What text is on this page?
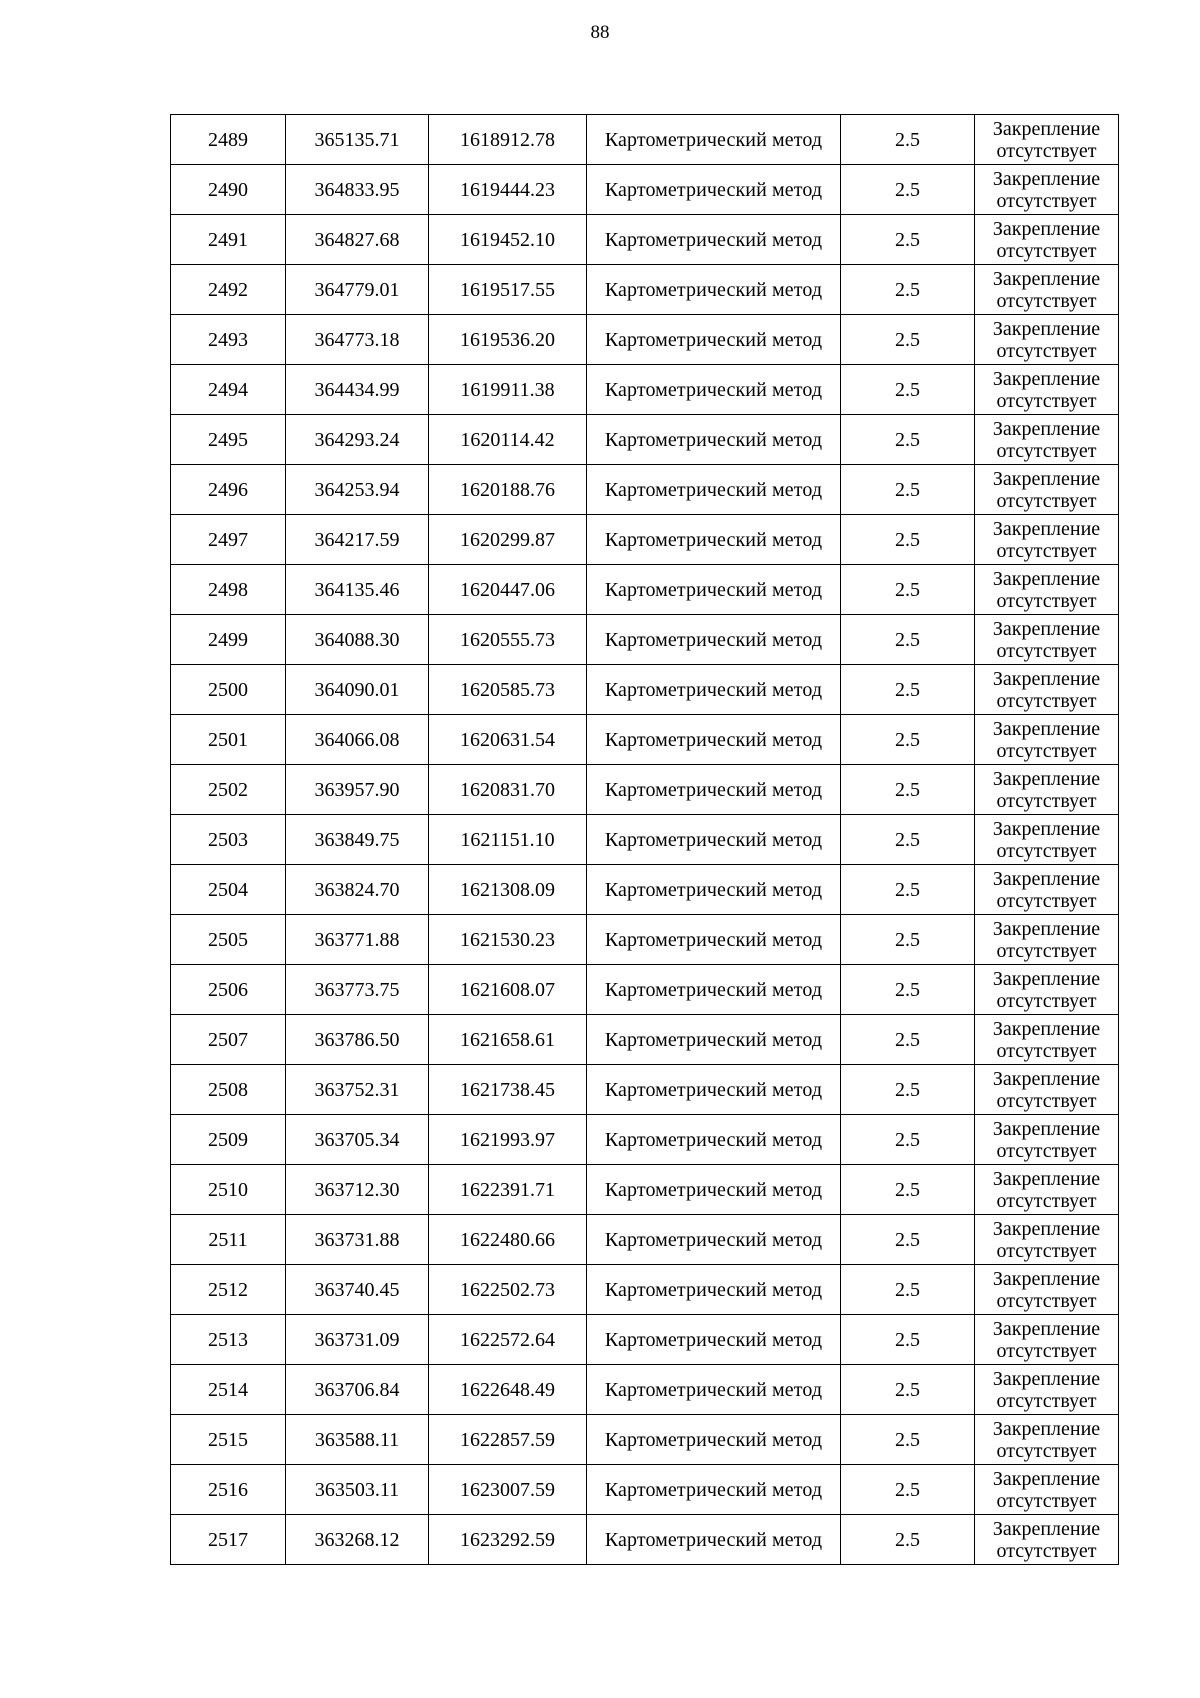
88
2489	365135.71	1618912.78	Картометрический метод	2.5	Закрепление
отсутствует

2490	364833.95	1619444.23	Картометрический метод	2.5	Закрепление
отсутствует

2491	364827.68	1619452.10	Картометрический метод	2.5	Закрепление
отсутствует

2492	364779.01	1619517.55	Картометрический метод	2.5	Закрепление
отсутствует

2493	364773.18	1619536.20	Картометрический метод	2.5	Закрепление
отсутствует

2494	364434.99	1619911.38	Картометрический метод	2.5	Закрепление
отсутствует

2495	364293.24	1620114.42	Картометрический метод	2.5	Закрепление
отсутствует

2496	364253.94	1620188.76	Картометрический метод	2.5	Закрепление
отсутствует

2497	364217.59	1620299.87	Картометрический метод	2.5	Закрепление
отсутствует

2498	364135.46	1620447.06	Картометрический метод	2.5	Закрепление
отсутствует

2499	364088.30	1620555.73	Картометрический метод	2.5	Закрепление
отсутствует

2500	364090.01	1620585.73	Картометрический метод	2.5	Закрепление
отсутствует

2501	364066.08	1620631.54	Картометрический метод	2.5	Закрепление
отсутствует

2502	363957.90	1620831.70	Картометрический метод	2.5	Закрепление
отсутствует

2503	363849.75	1621151.10	Картометрический метод	2.5	Закрепление
отсутствует

2504	363824.70	1621308.09	Картометрический метод	2.5	Закрепление
отсутствует

2505	363771.88	1621530.23	Картометрический метод	2.5	Закрепление
отсутствует

2506	363773.75	1621608.07	Картометрический метод	2.5	Закрепление
отсутствует

2507	363786.50	1621658.61	Картометрический метод	2.5	Закрепление
отсутствует

2508	363752.31	1621738.45	Картометрический метод	2.5	Закрепление
отсутствует

2509	363705.34	1621993.97	Картометрический метод	2.5	Закрепление
отсутствует

2510	363712.30	1622391.71	Картометрический метод	2.5	Закрепление
отсутствует

2511	363731.88	1622480.66	Картометрический метод	2.5	Закрепление
отсутствует

2512	363740.45	1622502.73	Картометрический метод	2.5	Закрепление
отсутствует

2513	363731.09	1622572.64	Картометрический метод	2.5	Закрепление
отсутствует

2514	363706.84	1622648.49	Картометрический метод	2.5	Закрепление
отсутствует

2515	363588.11	1622857.59	Картометрический метод	2.5	Закрепление
отсутствует

2516	363503.11	1623007.59	Картометрический метод	2.5	Закрепление
отсутствует

2517	363268.12	1623292.59	Картометрический метод	2.5	Закрепление
отсутствует
